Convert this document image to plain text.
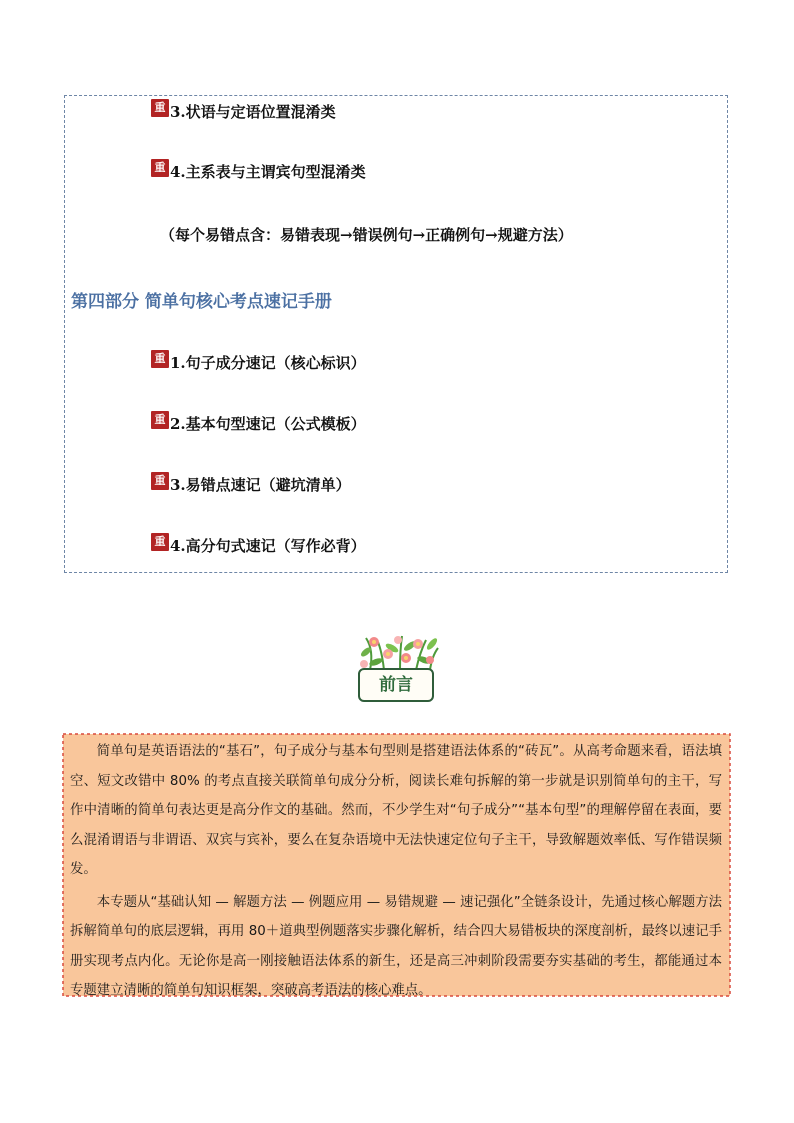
重 3.状语与定语位置混淆类
重 4.主系表与主谓宾句型混淆类
（每个易错点含：易错表现→错误例句→正确例句→规避方法）
第四部分 简单句核心考点速记手册
重 1.句子成分速记（核心标识）
重 2.基本句型速记（公式模板）
重 3.易错点速记（避坑清单）
重 4.高分句式速记（写作必背）
前言

简单句是英语语法的“基石”，句子成分与基本句型则是搭建语法体系的“砖瓦”。从高考命题来看，语法填空、短文改错中 80% 的考点直接关联简单句成分分析，阅读长难句拆解的第一步就是识别简单句的主干，写作中清晰的简单句表达更是高分作文的基础。然而，不少学生对“句子成分”“基本句型”的理解停留在表面，要么混淆谓语与非谓语、双宾与宾补，要么在复杂语境中无法快速定位句子主干，导致解题效率低、写作错误频发。

本专题从“基础认知 — 解题方法 — 例题应用 — 易错规避 — 速记强化”全链条设计，先通过核心解题方法拆解简单句的底层逻辑，再用 80＋道典型例题落实步骤化解析，结合四大易错板块的深度剖析，最终以速记手册实现考点内化。无论你是高一刚接触语法体系的新生，还是高三冲刺阶段需要夯实基础的考生，都能通过本专题建立清晰的简单句知识框架，突破高考语法的核心难点。
